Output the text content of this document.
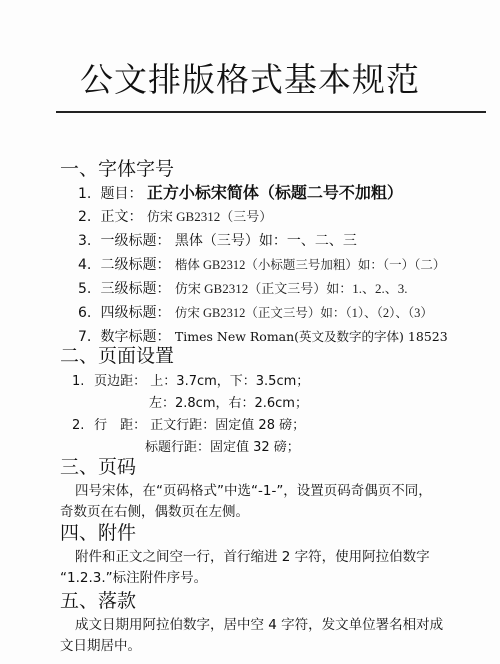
公文排版格式基本规范
一、字体字号
1. 题目： 正方小标宋简体（标题二号不加粗）
2. 正文： 仿宋 GB2312（三号）
3. 一级标题： 黑体（三号）如：一、二、三
4. 二级标题： 楷体 GB2312（小标题三号加粗）如：（一）（二）
5. 三级标题： 仿宋 GB2312（正文三号）如：1.、2.、3.
6. 四级标题： 仿宋 GB2312（正文三号）如：（1）、（2）、（3）
7. 数字标题： Times New Roman(英文及数字的字体) 18523
二、页面设置
1. 页边距： 上：3.7cm，下：3.5cm；
左：2.8cm，右：2.6cm；
2. 行　距： 正文行距：固定值 28 磅；
标题行距：固定值 32 磅；
三、页码
四号宋体，在“页码格式”中选“-1-”，设置页码奇偶页不同，
奇数页在右侧，偶数页在左侧。
四、附件
附件和正文之间空一行，首行缩进 2 字符，使用阿拉伯数字
“1.2.3.”标注附件序号。
五、落款
成文日期用阿拉伯数字，居中空 4 字符，发文单位署名相对成
文日期居中。
